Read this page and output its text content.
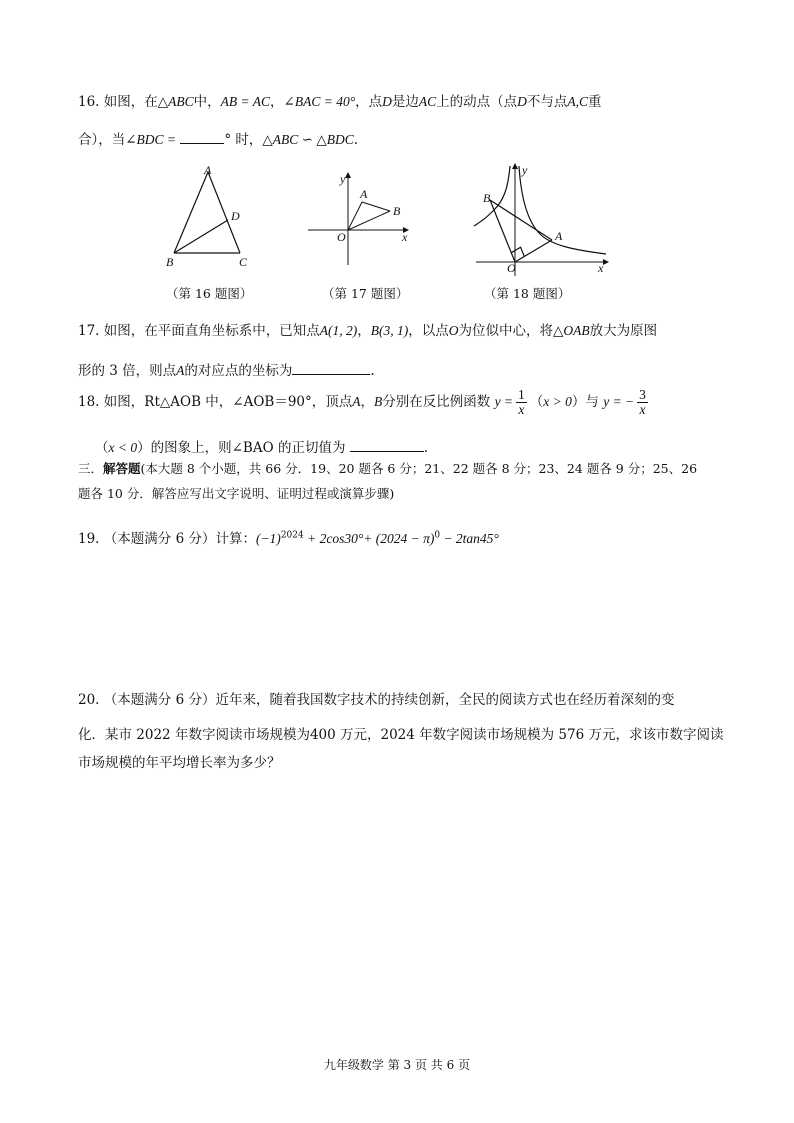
16. 如图，在△ABC中，AB = AC，∠BAC = 40°，点D是边AC上的动点（点D不与点A,C重
合），当∠BDC =	° 时，△ABC ∽ △BDC.
A
B	C
D
y
x
O
A
B
y
x
O
A
B
（第 16 题图）	（第 17 题图）	（第 18 题图）
17. 如图，在平面直角坐标系中，已知点A(1, 2)，B(3, 1)，以点O为位似中心，将△OAB放大为原图
形的 3 倍，则点A的对应点的坐标为	.
18. 如图，Rt△AOB 中，∠AOB＝90°，顶点A，B分别在反比例函数 $y = \frac{1}{x} (x > 0)$与 y = − $\frac{3}{x}$
（x < 0）的图象上，则∠BAO 的正切值为	.
三．解答题(本大题 8 个小题，共 66 分．19、20 题各 6 分；21、22 题各 8 分；23、24 题各 9 分；25、26
题各 10 分．解答应写出文字说明、证明过程或演算步骤)
19. （本题满分 6 分）计算：$(-1)^{2024} + 2\cos 30^\circ+ (2024 - \pi)^0 - 2\tan 45^\circ$
20. （本题满分 6 分）近年来，随着我国数字技术的持续创新，全民的阅读方式也在经历着深刻的变
化．某市 2022 年数字阅读市场规模为400 万元，2024 年数字阅读市场规模为 576 万元，求该市数字阅读
市场规模的年平均增长率为多少？
九年级数学 第 3 页 共 6 页
